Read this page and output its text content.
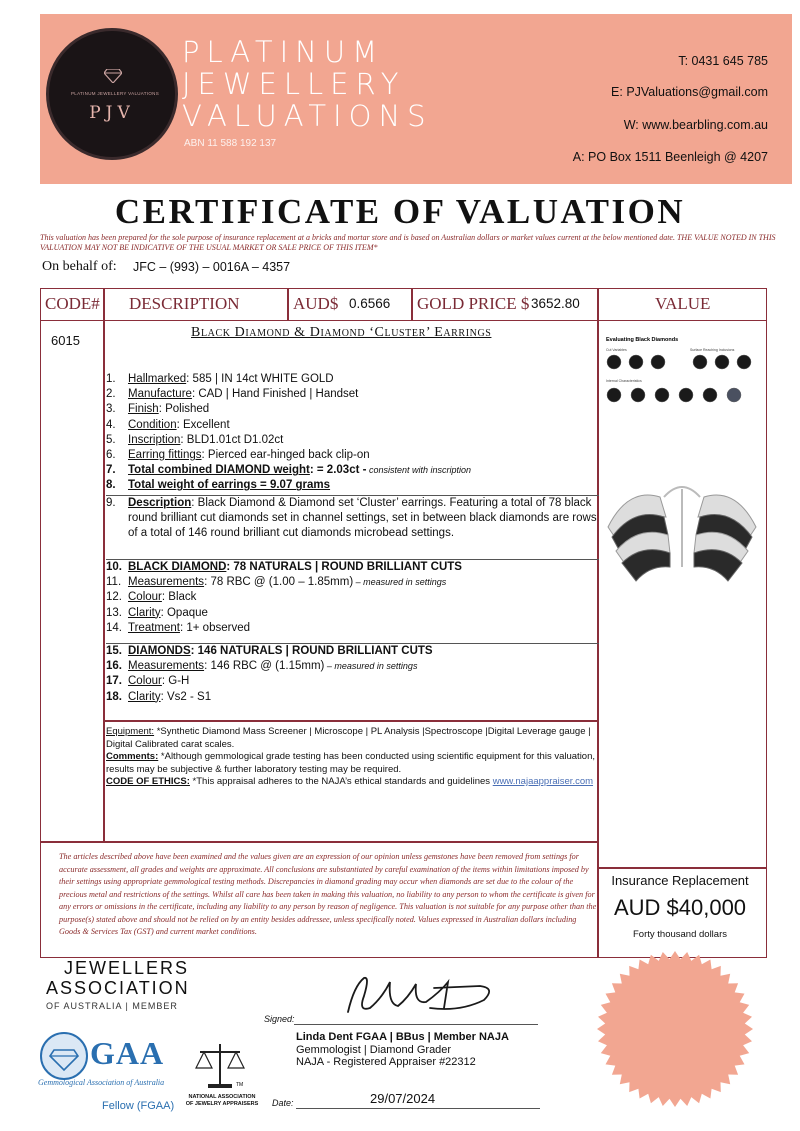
PLATINUM JEWELLERY VALUATIONS
PJV
PLATINUM
JEWELLERY
VALUATIONS
ABN 11 588 192 137
T: 0431 645 785
E: PJValuations@gmail.com
W: www.bearbling.com.au
A: PO Box 1511 Beenleigh @ 4207
CERTIFICATE OF VALUATION
This valuation has been prepared for the sole purpose of insurance replacement at a bricks and mortar store and is based on Australian dollars or market values current at the below mentioned date. THE VALUE NOTED IN THIS VALUATION MAY NOT BE INDICATIVE OF THE USUAL MARKET OR SALE PRICE OF THIS ITEM*
On behalf of: JFC – (993) – 0016A – 4357
CODE# DESCRIPTION	AUD$ 0.6566 GOLD PRICE $ 3652.80	VALUE
6015
Black Diamond & Diamond ‘Cluster’ Earrings
1.	Hallmarked: 585 | IN 14ct WHITE GOLD
2.	Manufacture: CAD | Hand Finished | Handset
3.	Finish: Polished
4.	Condition: Excellent
5.	Inscription: BLD1.01ct D1.02ct
6.	Earring fittings: Pierced ear-hinged back clip-on
7.	Total combined DIAMOND weight: = 2.03ct - consistent with inscription
8.	Total weight of earrings = 9.07 grams
9.	Description: Black Diamond & Diamond set ‘Cluster’ earrings. Featuring a total of 78 black round brilliant cut diamonds set in channel settings, set in between black diamonds are rows of a total of 146 round brilliant cut diamonds microbead settings.
10. BLACK DIAMOND: 78 NATURALS | ROUND BRILLIANT CUTS
11. Measurements: 78 RBC @ (1.00 – 1.85mm) – measured in settings
12. Colour: Black
13. Clarity: Opaque
14. Treatment: 1+ observed
15. DIAMONDS: 146 NATURALS | ROUND BRILLIANT CUTS
16. Measurements: 146 RBC @ (1.15mm) – measured in settings
17. Colour: G-H
18. Clarity: Vs2 - S1
Equipment: *Synthetic Diamond Mass Screener | Microscope | PL Analysis |Spectroscope |Digital Leverage gauge | Digital Calibrated carat scales.
Comments: *Although gemmological grade testing has been conducted using scientific equipment for this valuation, results may be subjective & further laboratory testing may be required.
CODE OF ETHICS: *This appraisal adheres to the NAJA’s ethical standards and guidelines www.najaappraiser.com
The articles described above have been examined and the values given are an expression of our opinion unless gemstones have been removed from settings for accurate assessment, all grades and weights are approximate. All conclusions are substantiated by careful examination of the items within limitations imposed by their settings using appropriate gemmological testing methods. Discrepancies in diamond grading may occur when diamonds are set due to the colour of the precious metal and restrictions of the settings. Whilst all care has been taken in making this valuation, no liability to any person to whom the certificate is given for any errors or omissions in the certificate, including any liability to any person by reason of negligence. This valuation is not suitable for any purpose other than the purpose(s) stated above and should not be relied on by an entity besides addressee, unless specifically noted. Values expressed in Australian dollars including Goods & Services Tax (GST) and current market conditions.
Evaluating Black Diamonds
Cut Variables	Surface Reaching Inclusions
Internal Characteristics
Insurance Replacement
AUD $40,000
Forty thousand dollars
JEWELLERS
ASSOCIATION
OF AUSTRALIA | MEMBER
GAA
Gemmological Association of Australia
Fellow (FGAA)
TM
NATIONAL ASSOCIATION OF JEWELRY APPRAISERS
Signed:
Linda Dent FGAA | BBus | Member NAJA
Gemmologist | Diamond Grader
NAJA - Registered Appraiser #22312
Date:	29/07/2024
